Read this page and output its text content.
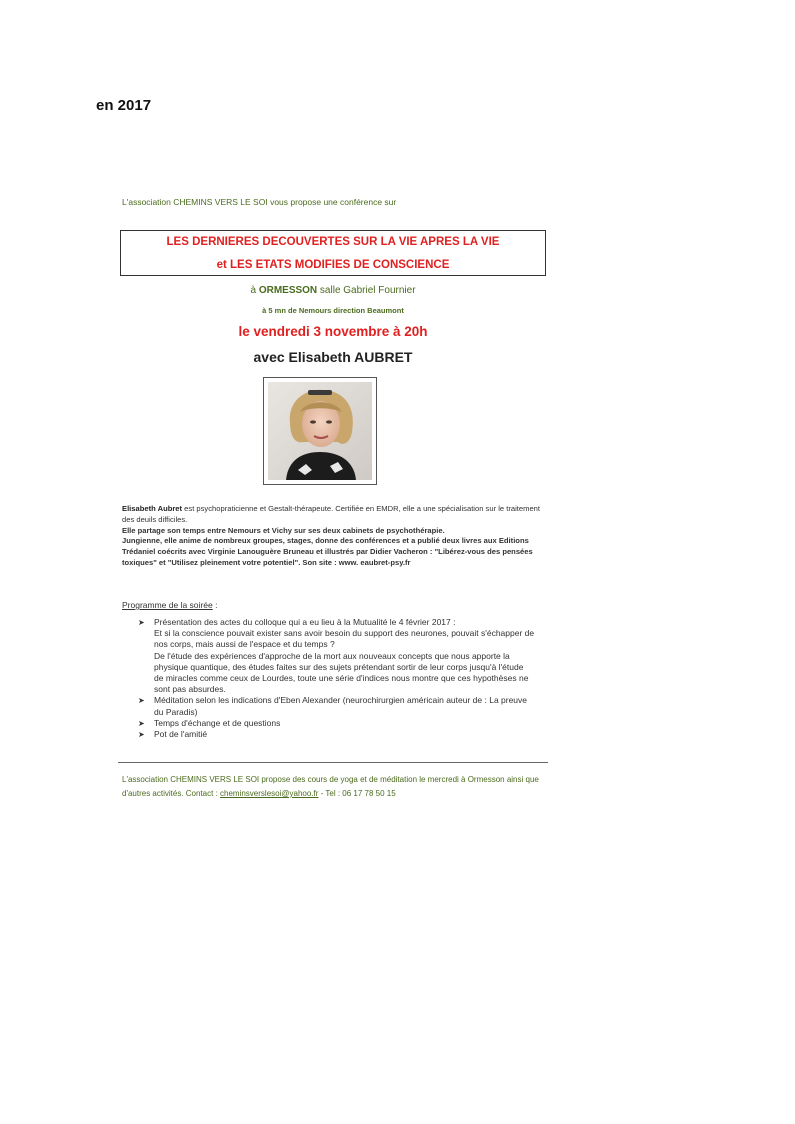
en 2017
L'association CHEMINS VERS LE SOI vous propose une conférence sur
LES DERNIERES DECOUVERTES SUR LA VIE APRES LA VIE
et LES ETATS MODIFIES DE CONSCIENCE
à ORMESSON salle Gabriel Fournier
à 5 mn de Nemours direction Beaumont
le vendredi 3 novembre à 20h
avec Elisabeth AUBRET

Elisabeth Aubret est psychopraticienne et Gestalt-thérapeute. Certifiée en EMDR, elle a une spécialisation sur le traitement des deuils difficiles.

Elle partage son temps entre Nemours et Vichy sur ses deux cabinets de psychothérapie.

Jungienne, elle anime de nombreux groupes, stages, donne des conférences et a publié deux livres aux Editions Trédaniel coécrits avec Virginie Lanouguère Bruneau et illustrés par Didier Vacheron : "Libérez-vous des pensées toxiques" et "Utilisez pleinement votre potentiel". Son site : www. eaubret-psy.fr

Programme de la soirée :
➤ Présentation des actes du colloque qui a eu lieu à la Mutualité le 4 février 2017 :
Et si la conscience pouvait exister sans avoir besoin du support des neurones, pouvait s'échapper de
nos corps, mais aussi de l'espace et du temps ?
De l'étude des expériences d'approche de la mort aux nouveaux concepts que nous apporte la
physique quantique, des études faites sur des sujets prétendant sortir de leur corps jusqu'à l'étude
de miracles comme ceux de Lourdes, toute une série d'indices nous montre que ces hypothèses ne
sont pas absurdes.
➤ Méditation selon les indications d'Eben Alexander (neurochirurgien américain auteur de : La preuve
du Paradis)
➤ Temps d'échange et de questions
➤ Pot de l'amitié
L'association CHEMINS VERS LE SOI propose des cours de yoga et de méditation le mercredi à Ormesson ainsi que
d'autres activités. Contact : cheminsverslesoi@yahoo.fr - Tel : 06 17 78 50 15
